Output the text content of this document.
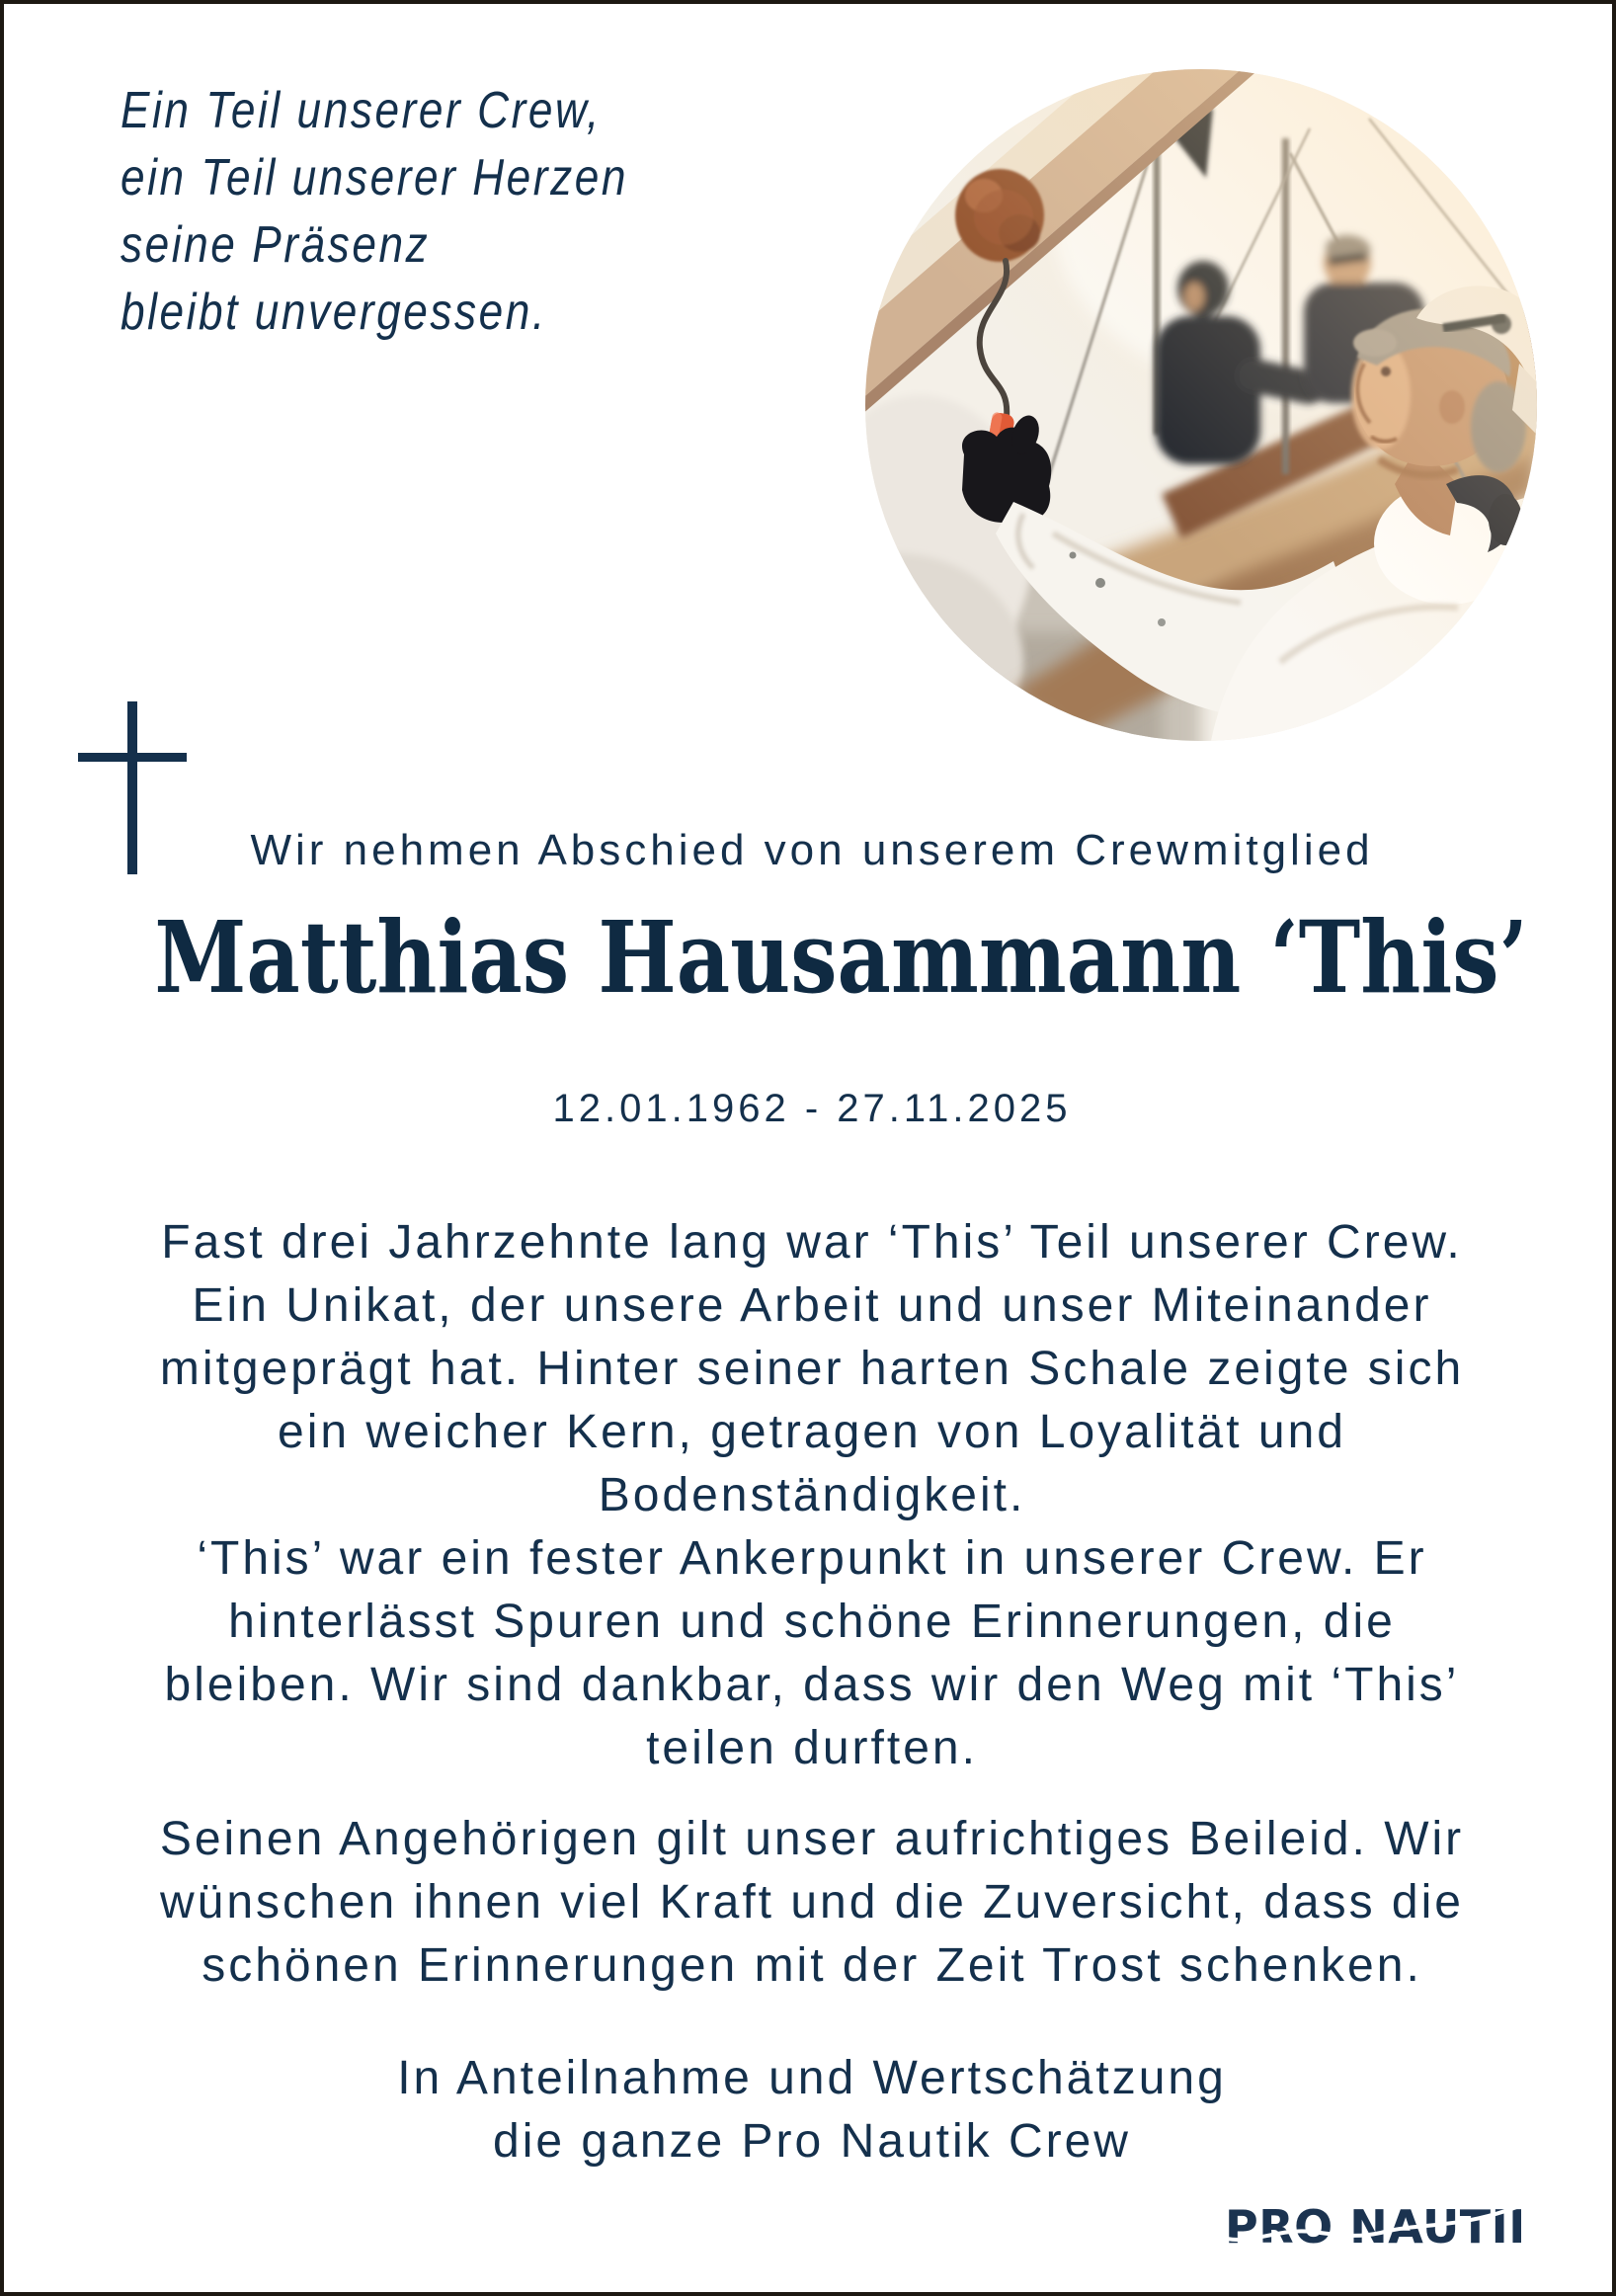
Ein Teil unserer Crew,
ein Teil unserer Herzen
seine Präsenz
bleibt unvergessen.
Wir nehmen Abschied von unserem Crewmitglied
Matthias Hausammann ‘This’
12.01.1962 - 27.11.2025
Fast drei Jahrzehnte lang war ‘This’ Teil unserer Crew.
Ein Unikat, der unsere Arbeit und unser Miteinander
mitgeprägt hat. Hinter seiner harten Schale zeigte sich
ein weicher Kern, getragen von Loyalität und
Bodenständigkeit.
‘This’ war ein fester Ankerpunkt in unserer Crew. Er
hinterlässt Spuren und schöne Erinnerungen, die
bleiben. Wir sind dankbar, dass wir den Weg mit ‘This’
teilen durften.
Seinen Angehörigen gilt unser aufrichtiges Beileid. Wir
wünschen ihnen viel Kraft und die Zuversicht, dass die
schönen Erinnerungen mit der Zeit Trost schenken.
In Anteilnahme und Wertschätzung
die ganze Pro Nautik Crew
PRO NAUTIK
